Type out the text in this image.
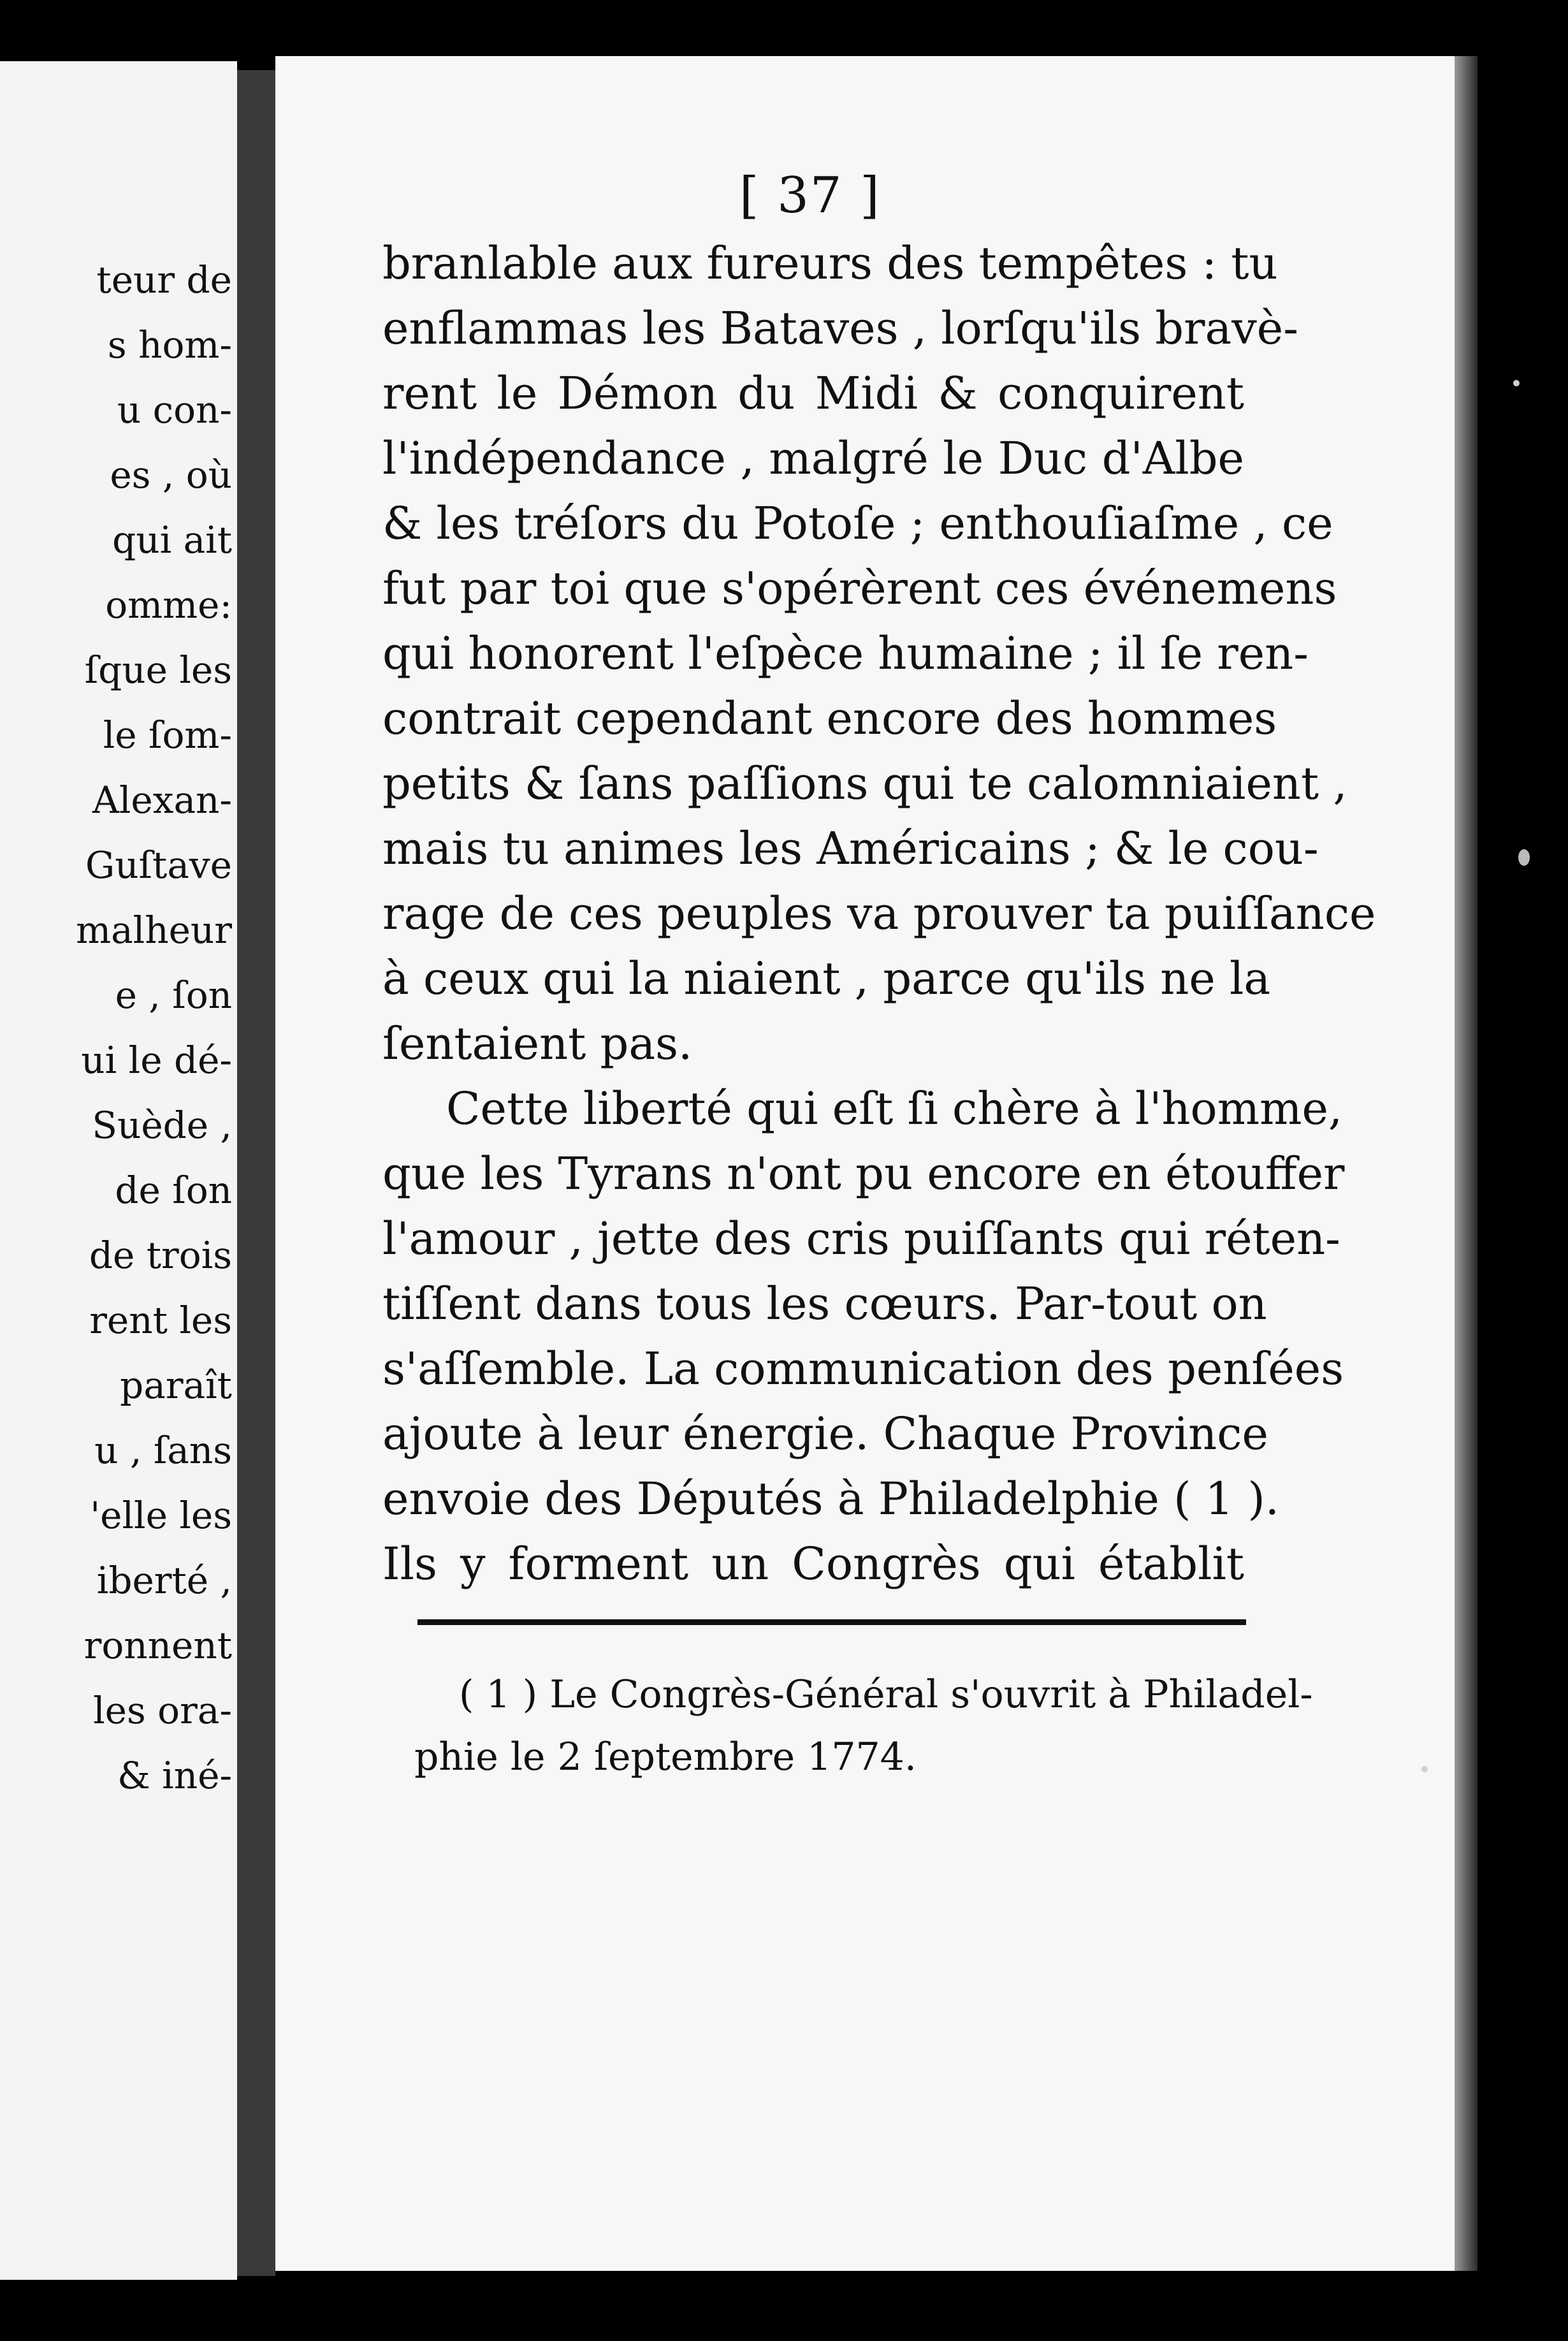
teur de
s hom-
u con-
es , où
qui ait
omme:
ſque les
le ſom-
Alexan-
Guſtave
malheur
e , ſon
ui le dé-
Suède ,
de ſon
de trois
rent les
paraît
u , ſans
'elle les
iberté ,
ronnent
les ora-
& iné-
[ 37 ]
branlable aux fureurs des tempêtes : tu
enflammas les Bataves , lorſqu'ils bravè-
rent le Démon du Midi & conquirent
l'indépendance , malgré le Duc d'Albe
& les tréſors du Potoſe ; enthouſiaſme , ce
fut par toi que s'opérèrent ces événemens
qui honorent l'eſpèce humaine ; il ſe ren-
contrait cependant encore des hommes
petits & ſans paſſions qui te calomniaient ,
mais tu animes les Américains ; & le cou-
rage de ces peuples va prouver ta puiſſance
à ceux qui la niaient , parce qu'ils ne la
ſentaient pas.
Cette liberté qui eſt ſi chère à l'homme,
que les Tyrans n'ont pu encore en étouffer
l'amour , jette des cris puiſſants qui réten-
tiſſent dans tous les cœurs. Par-tout on
s'aſſemble. La communication des penſées
ajoute à leur énergie. Chaque Province
envoie des Députés à Philadelphie ( 1 ).
Ils y forment un Congrès qui établit
( 1 ) Le Congrès-Général s'ouvrit à Philadel-
phie le 2 ſeptembre 1774.
